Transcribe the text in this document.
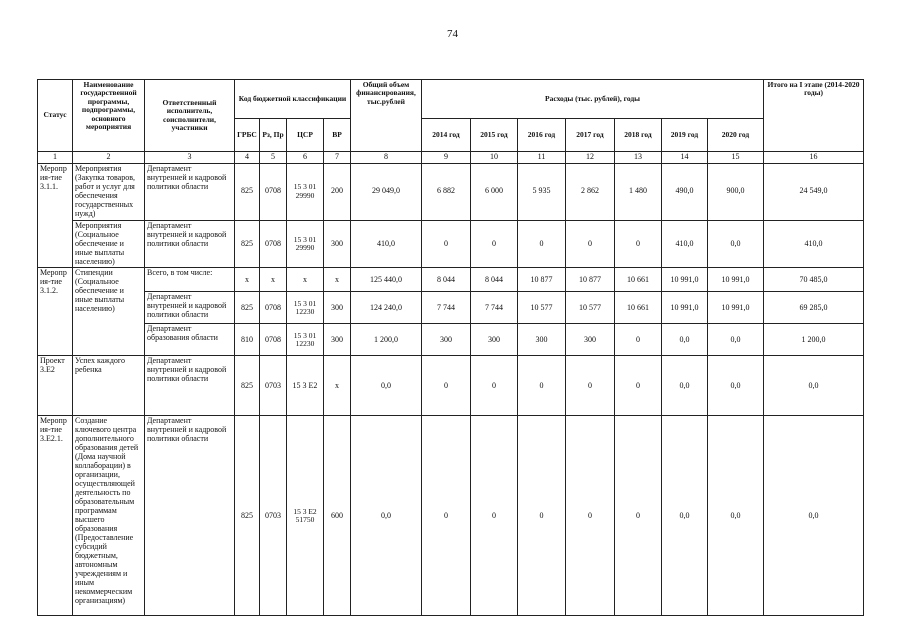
74
Статус	Наименование государственной программы, подпрограммы, основного мероприятия	Ответственный исполнитель, соисполнители, участники	Код бюджетной классификации				Общий объем финансирования, тыс.рублей	Расходы (тыс. рублей), годы							Итого на I этапе (2014-2020 годы)
			ГРБС	Рз, Пр	ЦСР	ВР		2014 год	2015 год	2016 год	2017 год	2018 год	2019 год	2020 год	
1	2	3	4	5	6	7	8	9	10	11	12	13	14	15	16
Мероприя-тие 3.1.1.	Мероприятия (Закупка товаров, работ и услуг для обеспечения государственных нужд)	Департамент внутренней и кадровой политики области	825	0708	15 3 01 29990	200	29 049,0	6 882	6 000	5 935	2 862	1 480	490,0	900,0	24 549,0
	Мероприятия (Социальное обеспечение и иные выплаты населению)	Департамент внутренней и кадровой политики области	825	0708	15 3 01 29990	300	410,0	0	0	0	0	0	410,0	0,0	410,0
Мероприя-тие 3.1.2.	Стипендии (Социальное обеспечение и иные выплаты населению)	Всего, в том числе:	x	x	x	x	125 440,0	8 044	8 044	10 877	10 877	10 661	10 991,0	10 991,0	70 485,0
		Департамент внутренней и кадровой политики области	825	0708	15 3 01 12230	300	124 240,0	7 744	7 744	10 577	10 577	10 661	10 991,0	10 991,0	69 285,0
		Департамент образования области	810	0708	15 3 01 12230	300	1 200,0	300	300	300	300	0	0,0	0,0	1 200,0
Проект 3.Е2	Успех каждого ребенка	Департамент внутренней и кадровой политики области	825	0703	15 3 Е2	x	0,0	0	0	0	0	0	0,0	0,0	0,0
Мероприя-тие 3.Е2.1.	Создание ключевого центра дополнительного образования детей (Дома научной коллаборации) в организации, осуществляющей деятельность по образовательным программам высшего образования (Предоставление субсидий бюджетным, автономным учреждениям и иным некоммерческим организациям)	Департамент внутренней и кадровой политики области	825	0703	15 3 Е2 51750	600	0,0	0	0	0	0	0	0,0	0,0	0,0
